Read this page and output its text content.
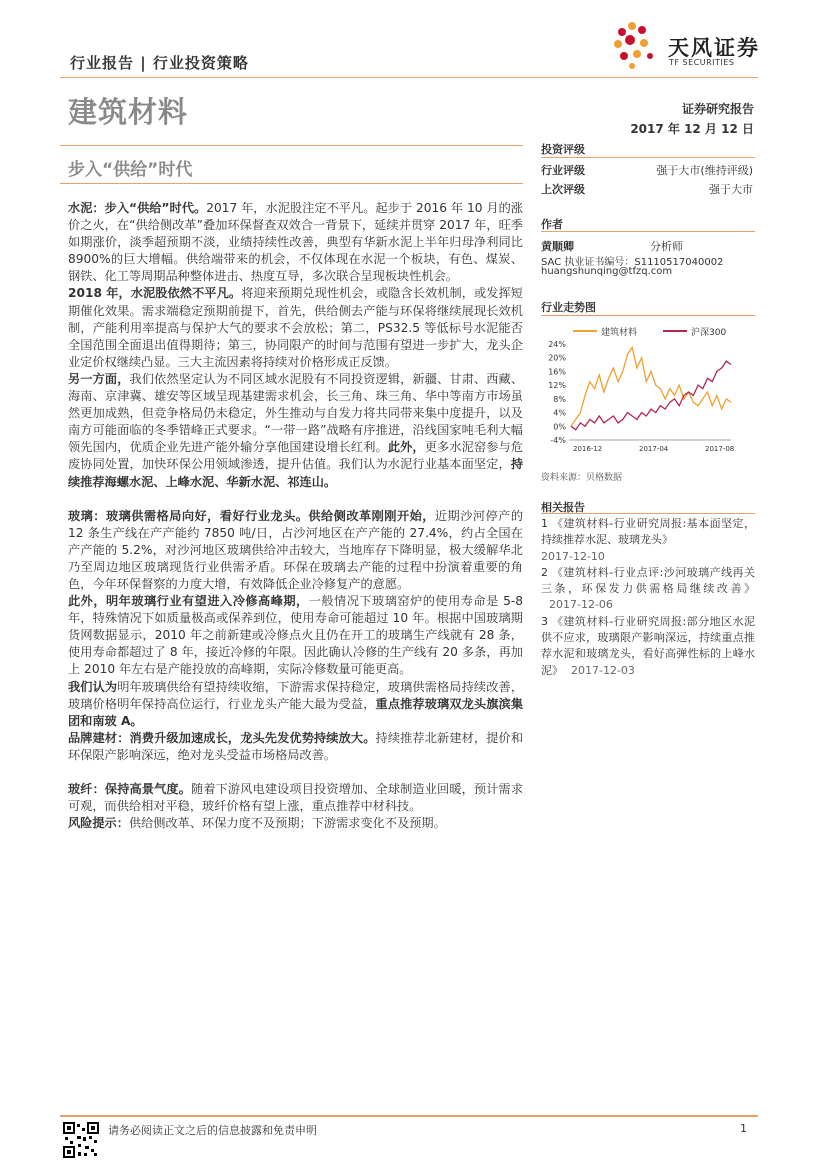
行业报告 | 行业投资策略
天风证券
TF SECURITIES
建筑材料	证券研究报告
2017 年 12 月 12 日
步入“供给”时代

水泥：步入“供给”时代。2017 年，水泥股注定不平凡。起步于 2016 年 10 月的涨价之火，在“供给侧改革”叠加环保督查双效合一背景下，延续并贯穿 2017 年，旺季如期涨价，淡季超预期不淡，业绩持续性改善，典型有华新水泥上半年归母净利同比 8900%的巨大增幅。供给端带来的机会，不仅体现在水泥一个板块，有色、煤炭、钢铁、化工等周期品种整体进击、热度互导，多次联合呈现板块性机会。

2018 年，水泥股依然不平凡。将迎来预期兑现性机会，或隐含长效机制，或发挥短期催化效果。需求端稳定预期前提下，首先，供给侧去产能与环保将继续展现长效机制，产能利用率提高与保护大气的要求不会放松；第二，PS32.5 等低标号水泥能否全国范围全面退出值得期待；第三，协同限产的时间与范围有望进一步扩大，龙头企业定价权继续凸显。三大主流因素将持续对价格形成正反馈。

另一方面，我们依然坚定认为不同区域水泥股有不同投资逻辑，新疆、甘肃、西藏、海南、京津冀、雄安等区域呈现基建需求机会，长三角、珠三角、华中等南方市场虽然更加成熟，但竞争格局仍未稳定，外生推动与自发力将共同带来集中度提升，以及南方可能面临的冬季错峰正式要求。“一带一路”战略有序推进，沿线国家吨毛利大幅领先国内，优质企业先进产能外输分享他国建设增长红利。此外，更多水泥窑参与危废协同处置，加快环保公用领域渗透，提升估值。我们认为水泥行业基本面坚定，持续推荐海螺水泥、上峰水泥、华新水泥、祁连山。

玻璃：玻璃供需格局向好，看好行业龙头。供给侧改革刚刚开始，近期沙河停产的 12 条生产线在产产能约 7850 吨/日，占沙河地区在产产能的 27.4%，约占全国在产产能的 5.2%，对沙河地区玻璃供给冲击较大，当地库存下降明显，极大缓解华北乃至周边地区玻璃现货行业供需矛盾。环保在玻璃去产能的过程中扮演着重要的角色，今年环保督察的力度大增，有效降低企业冷修复产的意愿。

此外，明年玻璃行业有望进入冷修高峰期，一般情况下玻璃窑炉的使用寿命是 5-8 年，特殊情况下如质量极高或保养到位，使用寿命可能超过 10 年。根据中国玻璃期货网数据显示，2010 年之前新建或冷修点火且仍在开工的玻璃生产线就有 28 条，使用寿命都超过了 8 年，接近冷修的年限。因此确认冷修的生产线有 20 多条，再加上 2010 年左右是产能投放的高峰期，实际冷修数量可能更高。

我们认为明年玻璃供给有望持续收缩，下游需求保持稳定，玻璃供需格局持续改善，玻璃价格明年保持高位运行，行业龙头产能大最为受益，重点推荐玻璃双龙头旗滨集团和南玻 A。

品牌建材：消费升级加速成长，龙头先发优势持续放大。持续推荐北新建材，提价和环保限产影响深远，绝对龙头受益市场格局改善。

玻纤：保持高景气度。随着下游风电建设项目投资增加、全球制造业回暖，预计需求可观，而供给相对平稳，玻纤价格有望上涨，重点推荐中材科技。

风险提示：供给侧改革、环保力度不及预期；下游需求变化不及预期。

投资评级
行业评级	强于大市(维持评级)
上次评级	强于大市
作者
黄顺卿	分析师
SAC 执业证书编号：S1110517040002
huangshunqing@tfzq.com
行业走势图
建筑材料	沪深300
24%
20%
16%
12%
8%
4%
0%
-4%
2016-12	2017-04	2017-08
资料来源：贝格数据
相关报告

1 《建筑材料-行业研究周报:基本面坚定，持续推荐水泥、玻璃龙头》
2017-12-10

2 《建筑材料-行业点评:沙河玻璃产线再关三条，环保发力供需格局继续改善》2017-12-06

3 《建筑材料-行业研究周报:部分地区水泥供不应求，玻璃限产影响深远，持续重点推荐水泥和玻璃龙头，看好高弹性标的上峰水泥》 2017-12-03

请务必阅读正文之后的信息披露和免责申明	1
